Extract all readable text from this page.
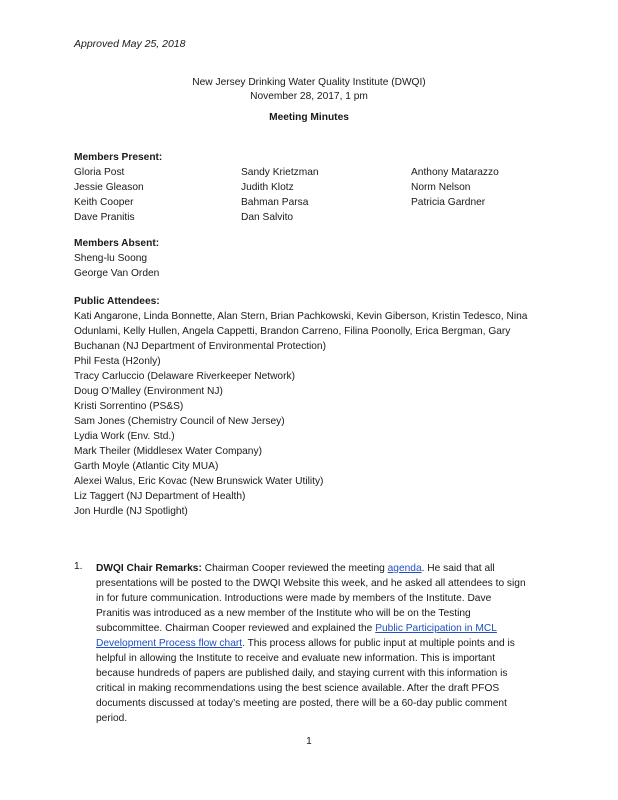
Approved May 25, 2018
New Jersey Drinking Water Quality Institute (DWQI)
November 28, 2017, 1 pm
Meeting Minutes
Members Present:
Gloria Post
Jessie Gleason
Keith Cooper
Dave Pranitis
Sandy Krietzman
Judith Klotz
Bahman Parsa
Dan Salvito
Anthony Matarazzo
Norm Nelson
Patricia Gardner
Members Absent:
Sheng-lu Soong
George Van Orden
Public Attendees:
Kati Angarone, Linda Bonnette, Alan Stern, Brian Pachkowski, Kevin Giberson, Kristin Tedesco, Nina
Odunlami, Kelly Hullen, Angela Cappetti, Brandon Carreno, Filina Poonolly, Erica Bergman, Gary
Buchanan (NJ Department of Environmental Protection)
Phil Festa (H2only)
Tracy Carluccio (Delaware Riverkeeper Network)
Doug O’Malley (Environment NJ)
Kristi Sorrentino (PS&S)
Sam Jones (Chemistry Council of New Jersey)
Lydia Work (Env. Std.)
Mark Theiler (Middlesex Water Company)
Garth Moyle (Atlantic City MUA)
Alexei Walus, Eric Kovac (New Brunswick Water Utility)
Liz Taggert (NJ Department of Health)
Jon Hurdle (NJ Spotlight)
1. DWQI Chair Remarks: Chairman Cooper reviewed the meeting agenda. He said that all
presentations will be posted to the DWQI Website this week, and he asked all attendees to sign
in for future communication. Introductions were made by members of the Institute. Dave
Pranitis was introduced as a new member of the Institute who will be on the Testing
subcommittee. Chairman Cooper reviewed and explained the Public Participation in MCL
Development Process flow chart. This process allows for public input at multiple points and is
helpful in allowing the Institute to receive and evaluate new information. This is important
because hundreds of papers are published daily, and staying current with this information is
critical in making recommendations using the best science available. After the draft PFOS
documents discussed at today’s meeting are posted, there will be a 60-day public comment
period.
1
